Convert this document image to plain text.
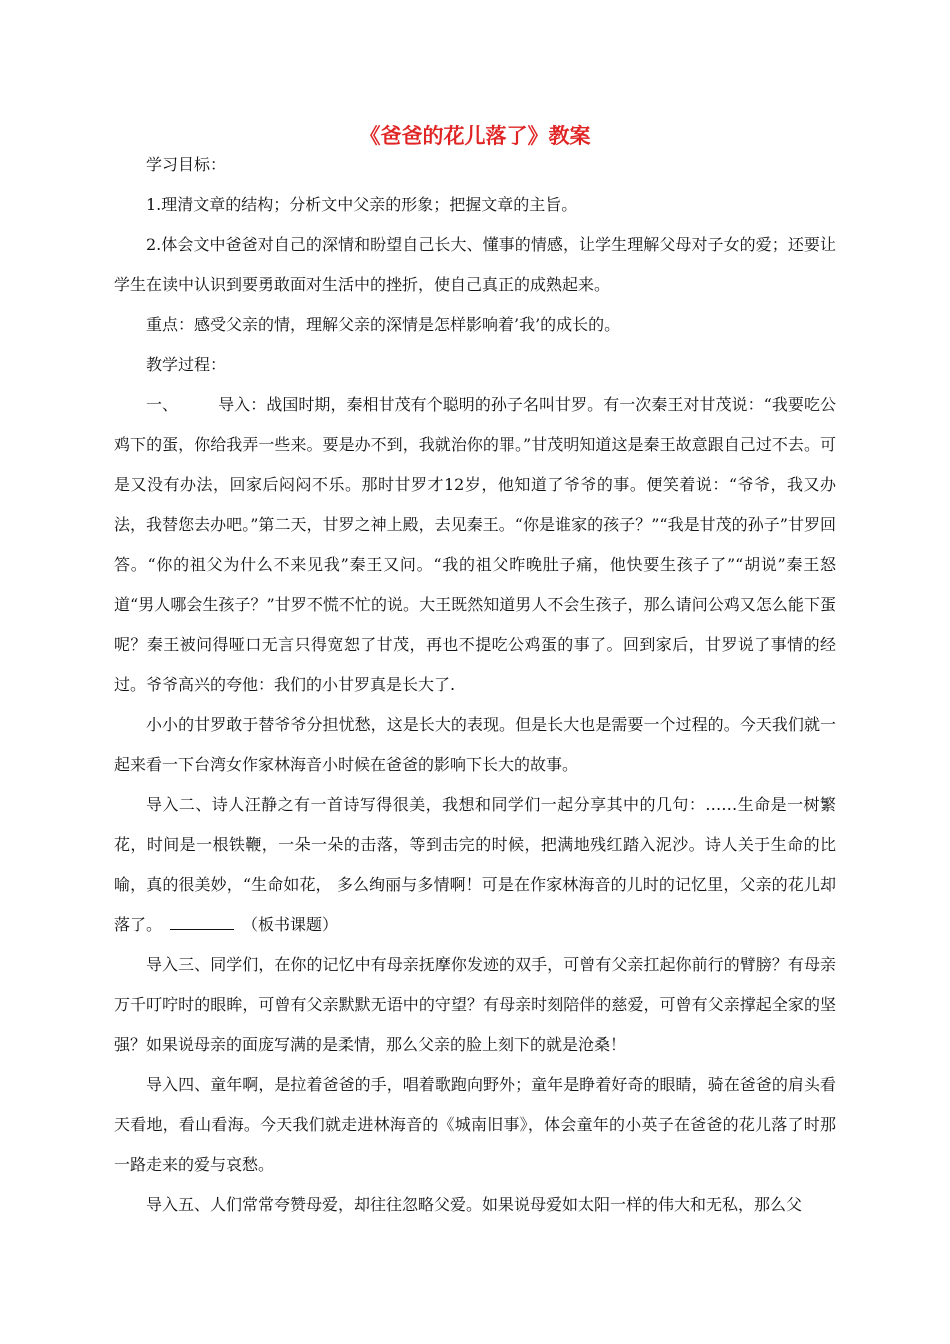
《爸爸的花儿落了》教案

学习目标：

1.理清文章的结构；分析文中父亲的形象；把握文章的主旨。

2.体会文中爸爸对自己的深情和盼望自己长大、懂事的情感，让学生理解父母对子女的爱；还要让学生在读中认识到要勇敢面对生活中的挫折，使自己真正的成熟起来。

重点：感受父亲的情，理解父亲的深情是怎样影响着’我’的成长的。

教学过程：

一、	导入：战国时期，秦相甘茂有个聪明的孙子名叫甘罗。有一次秦王对甘茂说：“我要吃公鸡下的蛋，你给我弄一些来。要是办不到，我就治你的罪。”甘茂明知道这是秦王故意跟自己过不去。可是又没有办法，回家后闷闷不乐。那时甘罗才12岁，他知道了爷爷的事。便笑着说：“爷爷，我又办法，我替您去办吧。”第二天，甘罗之神上殿，去见秦王。“你是谁家的孩子？”“我是甘茂的孙子”甘罗回答。“你的祖父为什么不来见我”秦王又问。“我的祖父昨晚肚子痛，他快要生孩子了”“胡说”秦王怒道“男人哪会生孩子？”甘罗不慌不忙的说。大王既然知道男人不会生孩子，那么请问公鸡又怎么能下蛋呢？秦王被问得哑口无言只得宽恕了甘茂，再也不提吃公鸡蛋的事了。回到家后，甘罗说了事情的经过。爷爷高兴的夸他：我们的小甘罗真是长大了.

小小的甘罗敢于替爷爷分担忧愁，这是长大的表现。但是长大也是需要一个过程的。今天我们就一起来看一下台湾女作家林海音小时候在爸爸的影响下长大的故事。

导入二、诗人汪静之有一首诗写得很美，我想和同学们一起分享其中的几句：……生命是一树繁花，时间是一根铁鞭，一朵一朵的击落，等到击完的时候，把满地残红踏入泥沙。诗人关于生命的比喻，真的很美妙，“生命如花， 多么绚丽与多情啊！可是在作家林海音的儿时的记忆里，父亲的花儿却落了。	（板书课题）

导入三、同学们，在你的记忆中有母亲抚摩你发迹的双手，可曾有父亲扛起你前行的臂膀？有母亲万千叮咛时的眼眸，可曾有父亲默默无语中的守望？有母亲时刻陪伴的慈爱，可曾有父亲撑起全家的坚强？如果说母亲的面庞写满的是柔情，那么父亲的脸上刻下的就是沧桑！

导入四、童年啊，是拉着爸爸的手，唱着歌跑向野外；童年是睁着好奇的眼睛，骑在爸爸的肩头看天看地，看山看海。今天我们就走进林海音的《城南旧事》，体会童年的小英子在爸爸的花儿落了时那一路走来的爱与哀愁。

导入五、人们常常夸赞母爱，却往往忽略父爱。如果说母爱如太阳一样的伟大和无私，那么父
